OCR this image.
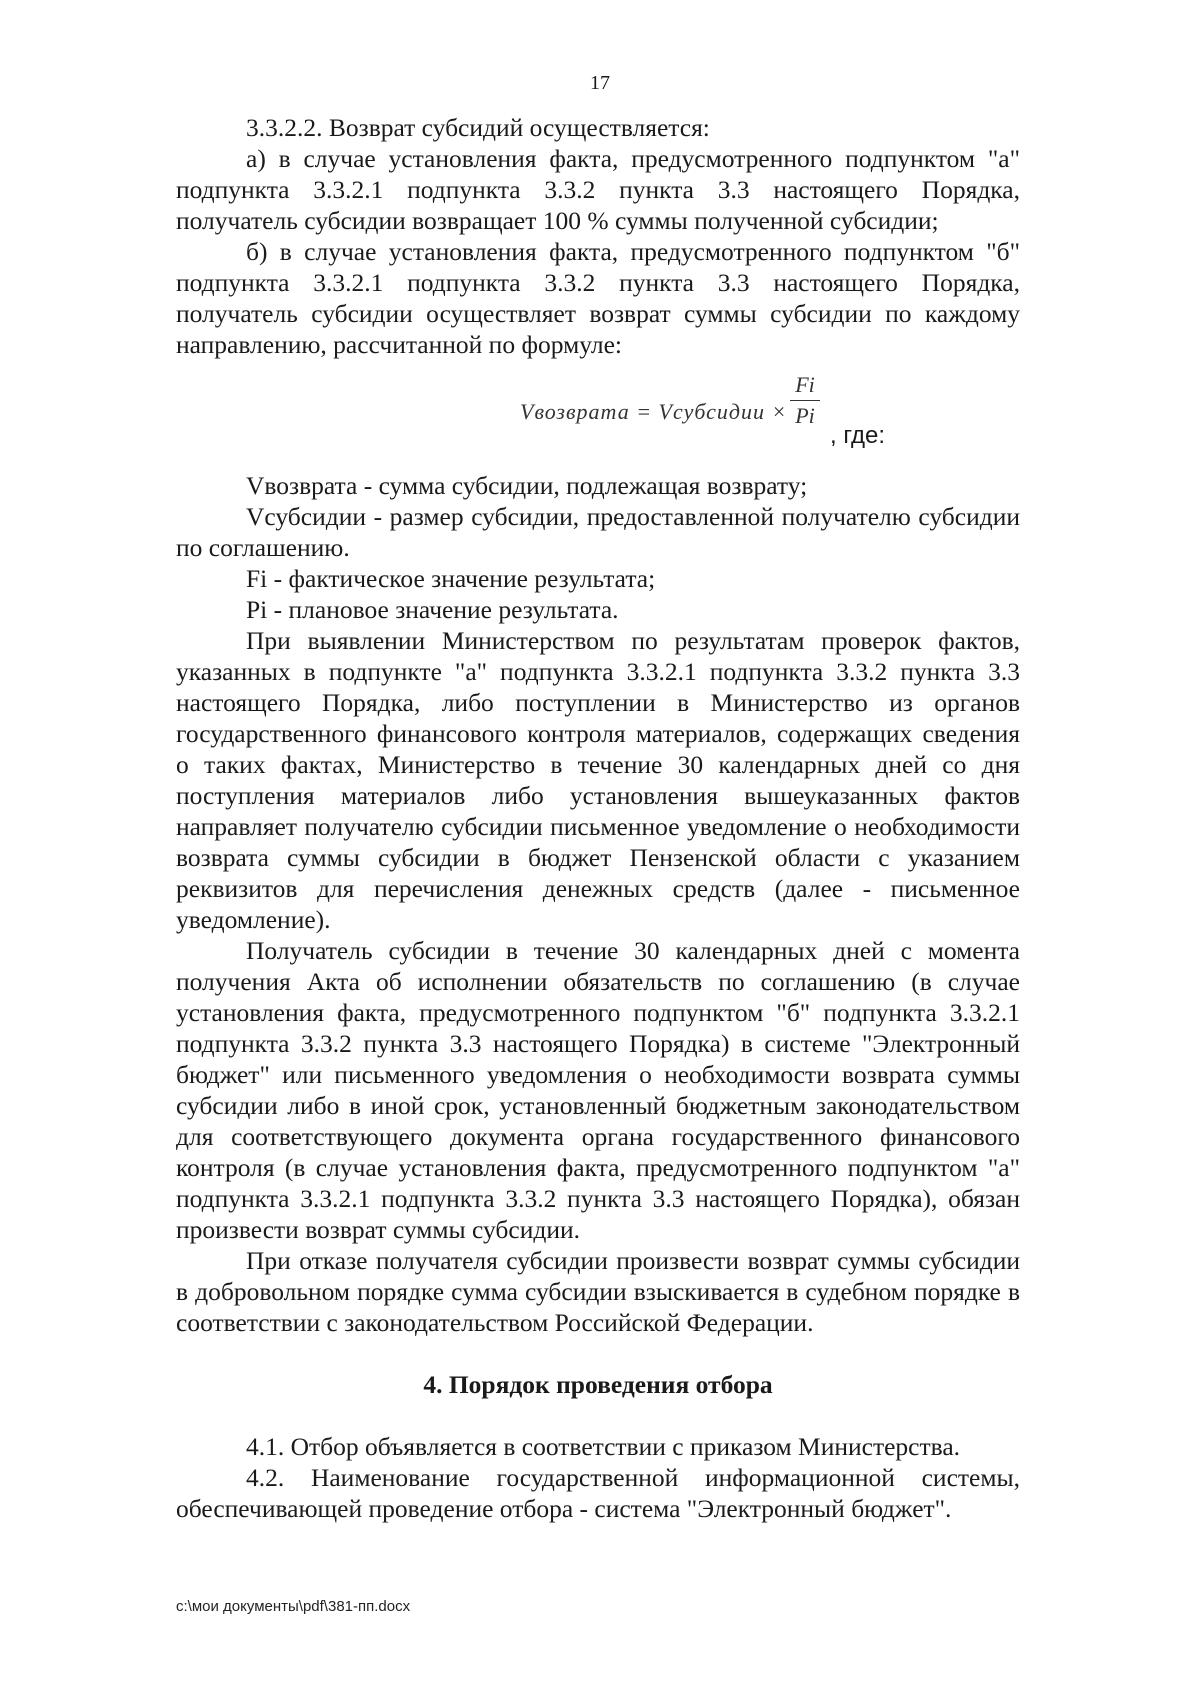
17

3.3.2.2. Возврат субсидий осуществляется:

а) в случае установления факта, предусмотренного подпунктом "а" подпункта 3.3.2.1 подпункта 3.3.2 пункта 3.3 настоящего Порядка, получатель субсидии возвращает 100 % суммы полученной субсидии;

б) в случае установления факта, предусмотренного подпунктом "б" подпункта 3.3.2.1 подпункта 3.3.2 пункта 3.3 настоящего Порядка, получатель субсидии осуществляет возврат суммы субсидии по каждому направлению, рассчитанной по формуле:

Vвозврата = Vсубсидии ×
Fi
Pi
, где:

Vвозврата - сумма субсидии, подлежащая возврату;

Vсубсидии - размер субсидии, предоставленной получателю субсидии по соглашению.

Fi - фактическое значение результата;

Pi - плановое значение результата.

При выявлении Министерством по результатам проверок фактов, указанных в подпункте "а" подпункта 3.3.2.1 подпункта 3.3.2 пункта 3.3 настоящего Порядка, либо поступлении в Министерство из органов государственного финансового контроля материалов, содержащих сведения о таких фактах, Министерство в течение 30 календарных дней со дня поступления материалов либо установления вышеуказанных фактов направляет получателю субсидии письменное уведомление о необходимости возврата суммы субсидии в бюджет Пензенской области с указанием реквизитов для перечисления денежных средств (далее - письменное уведомление).

Получатель субсидии в течение 30 календарных дней с момента получения Акта об исполнении обязательств по соглашению (в случае установления факта, предусмотренного подпунктом "б" подпункта 3.3.2.1 подпункта 3.3.2 пункта 3.3 настоящего Порядка) в системе "Электронный бюджет" или письменного уведомления о необходимости возврата суммы субсидии либо в иной срок, установленный бюджетным законодательством для соответствующего документа органа государственного финансового контроля (в случае установления факта, предусмотренного подпунктом "а" подпункта 3.3.2.1 подпункта 3.3.2 пункта 3.3 настоящего Порядка), обязан произвести возврат суммы субсидии.

При отказе получателя субсидии произвести возврат суммы субсидии в добровольном порядке сумма субсидии взыскивается в судебном порядке в соответствии с законодательством Российской Федерации.

4. Порядок проведения отбора

4.1. Отбор объявляется в соответствии с приказом Министерства.

4.2. Наименование государственной информационной системы, обеспечивающей проведение отбора - система "Электронный бюджет".

c:\мои документы\pdf\381-пп.docx
